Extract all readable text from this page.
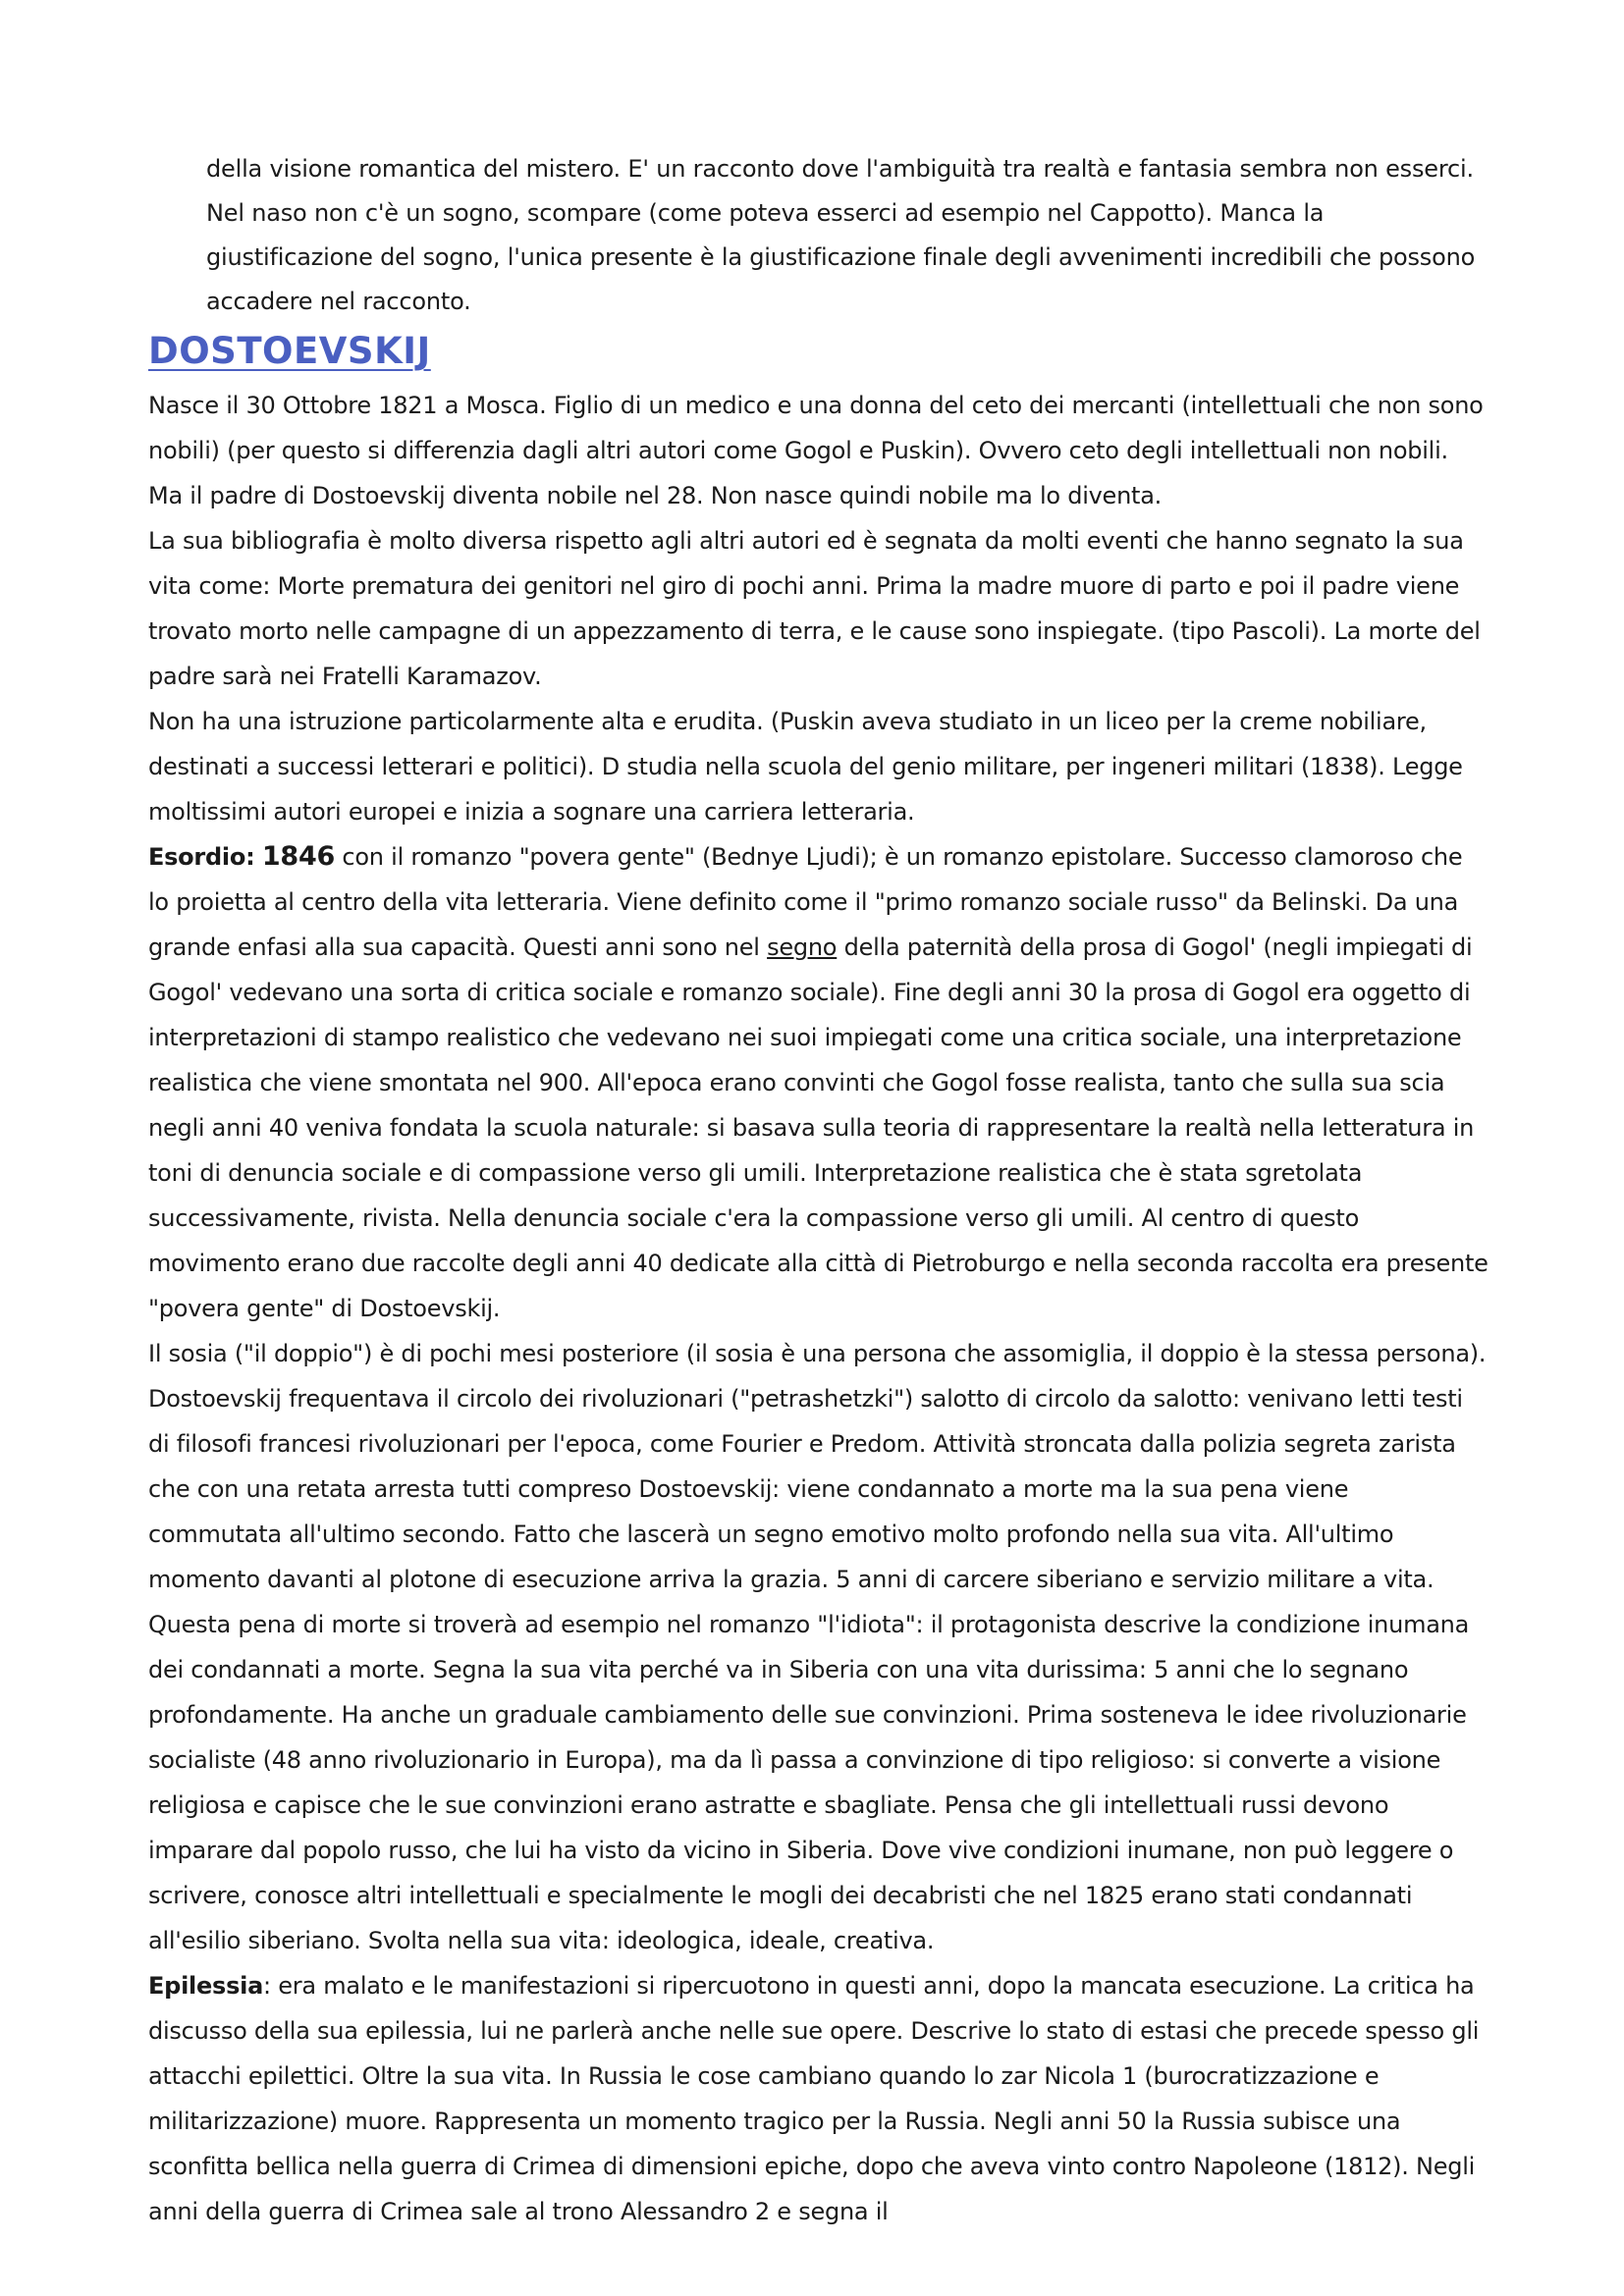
della visione romantica del mistero. E' un racconto dove l'ambiguità tra realtà e fantasia sembra non esserci. Nel naso non c'è un sogno, scompare (come poteva esserci ad esempio nel Cappotto). Manca la giustificazione del sogno, l'unica presente è la giustificazione finale degli avvenimenti incredibili che possono accadere nel racconto.

DOSTOEVSKIJ

Nasce il 30 Ottobre 1821 a Mosca. Figlio di un medico e una donna del ceto dei mercanti (intellettuali che non sono nobili) (per questo si differenzia dagli altri autori come Gogol e Puskin). Ovvero ceto degli intellettuali non nobili. Ma il padre di Dostoevskij diventa nobile nel 28. Non nasce quindi nobile ma lo diventa.

La sua bibliografia è molto diversa rispetto agli altri autori ed è segnata da molti eventi che hanno segnato la sua vita come: Morte prematura dei genitori nel giro di pochi anni. Prima la madre muore di parto e poi il padre viene trovato morto nelle campagne di un appezzamento di terra, e le cause sono inspiegate. (tipo Pascoli). La morte del padre sarà nei Fratelli Karamazov.

Non ha una istruzione particolarmente alta e erudita. (Puskin aveva studiato in un liceo per la creme nobiliare, destinati a successi letterari e politici). D studia nella scuola del genio militare, per ingeneri militari (1838). Legge moltissimi autori europei e inizia a sognare una carriera letteraria.

Esordio: 1846 con il romanzo "povera gente" (Bednye Ljudi); è un romanzo epistolare. Successo clamoroso che lo proietta al centro della vita letteraria. Viene definito come il "primo romanzo sociale russo" da Belinski. Da una grande enfasi alla sua capacità. Questi anni sono nel segno della paternità della prosa di Gogol' (negli impiegati di Gogol' vedevano una sorta di critica sociale e romanzo sociale). Fine degli anni 30 la prosa di Gogol era oggetto di interpretazioni di stampo realistico che vedevano nei suoi impiegati come una critica sociale, una interpretazione realistica che viene smontata nel 900. All'epoca erano convinti che Gogol fosse realista, tanto che sulla sua scia negli anni 40 veniva fondata la scuola naturale: si basava sulla teoria di rappresentare la realtà nella letteratura in toni di denuncia sociale e di compassione verso gli umili. Interpretazione realistica che è stata sgretolata successivamente, rivista. Nella denuncia sociale c'era la compassione verso gli umili. Al centro di questo movimento erano due raccolte degli anni 40 dedicate alla città di Pietroburgo e nella seconda raccolta era presente "povera gente" di Dostoevskij.

Il sosia ("il doppio") è di pochi mesi posteriore (il sosia è una persona che assomiglia, il doppio è la stessa persona). Dostoevskij frequentava il circolo dei rivoluzionari ("petrashetzki") salotto di circolo da salotto: venivano letti testi di filosofi francesi rivoluzionari per l'epoca, come Fourier e Predom. Attività stroncata dalla polizia segreta zarista che con una retata arresta tutti compreso Dostoevskij: viene condannato a morte ma la sua pena viene commutata all'ultimo secondo. Fatto che lascerà un segno emotivo molto profondo nella sua vita. All'ultimo momento davanti al plotone di esecuzione arriva la grazia. 5 anni di carcere siberiano e servizio militare a vita. Questa pena di morte si troverà ad esempio nel romanzo "l'idiota": il protagonista descrive la condizione inumana dei condannati a morte. Segna la sua vita perché va in Siberia con una vita durissima: 5 anni che lo segnano profondamente. Ha anche un graduale cambiamento delle sue convinzioni. Prima sosteneva le idee rivoluzionarie socialiste (48 anno rivoluzionario in Europa), ma da lì passa a convinzione di tipo religioso: si converte a visione religiosa e capisce che le sue convinzioni erano astratte e sbagliate. Pensa che gli intellettuali russi devono imparare dal popolo russo, che lui ha visto da vicino in Siberia. Dove vive condizioni inumane, non può leggere o scrivere, conosce altri intellettuali e specialmente le mogli dei decabristi che nel 1825 erano stati condannati all'esilio siberiano. Svolta nella sua vita: ideologica, ideale, creativa.

Epilessia: era malato e le manifestazioni si ripercuotono in questi anni, dopo la mancata esecuzione. La critica ha discusso della sua epilessia, lui ne parlerà anche nelle sue opere. Descrive lo stato di estasi che precede spesso gli attacchi epilettici. Oltre la sua vita. In Russia le cose cambiano quando lo zar Nicola 1 (burocratizzazione e militarizzazione) muore. Rappresenta un momento tragico per la Russia. Negli anni 50 la Russia subisce una sconfitta bellica nella guerra di Crimea di dimensioni epiche, dopo che aveva vinto contro Napoleone (1812). Negli anni della guerra di Crimea sale al trono Alessandro 2 e segna il
